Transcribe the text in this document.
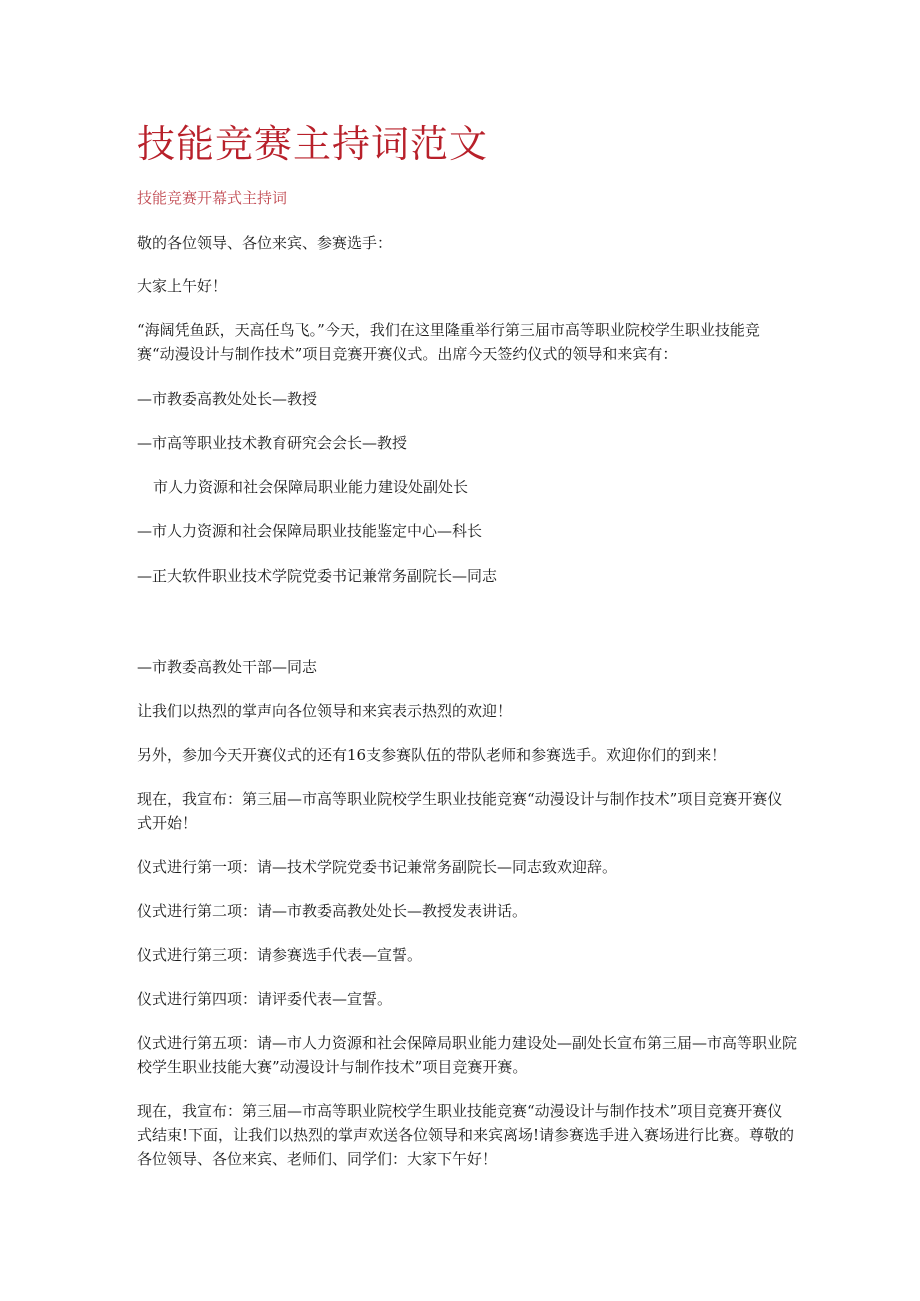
技能竞赛主持词范文

技能竞赛开幕式主持词

敬的各位领导、各位来宾、参赛选手：

大家上午好！

“海阔凭鱼跃，天高任鸟飞。”今天，我们在这里隆重举行第三届市高等职业院校学生职业技能竞赛“动漫设计与制作技术”项目竞赛开赛仪式。出席今天签约仪式的领导和来宾有：

—市教委高教处处长—教授

—市高等职业技术教育研究会会长—教授

市人力资源和社会保障局职业能力建设处副处长

—市人力资源和社会保障局职业技能鉴定中心—科长

—正大软件职业技术学院党委书记兼常务副院长—同志

—市教委高教处干部—同志

让我们以热烈的掌声向各位领导和来宾表示热烈的欢迎！

另外，参加今天开赛仪式的还有16支参赛队伍的带队老师和参赛选手。欢迎你们的到来！

现在，我宣布：第三届—市高等职业院校学生职业技能竞赛“动漫设计与制作技术”项目竞赛开赛仪式开始！

仪式进行第一项：请—技术学院党委书记兼常务副院长—同志致欢迎辞。

仪式进行第二项：请—市教委高教处处长—教授发表讲话。

仪式进行第三项：请参赛选手代表—宣誓。

仪式进行第四项：请评委代表—宣誓。

仪式进行第五项：请—市人力资源和社会保障局职业能力建设处—副处长宣布第三届—市高等职业院校学生职业技能大赛”动漫设计与制作技术”项目竞赛开赛。

现在，我宣布：第三届—市高等职业院校学生职业技能竞赛“动漫设计与制作技术”项目竞赛开赛仪式结束!下面，让我们以热烈的掌声欢送各位领导和来宾离场!请参赛选手进入赛场进行比赛。尊敬的各位领导、各位来宾、老师们、同学们：大家下午好！
